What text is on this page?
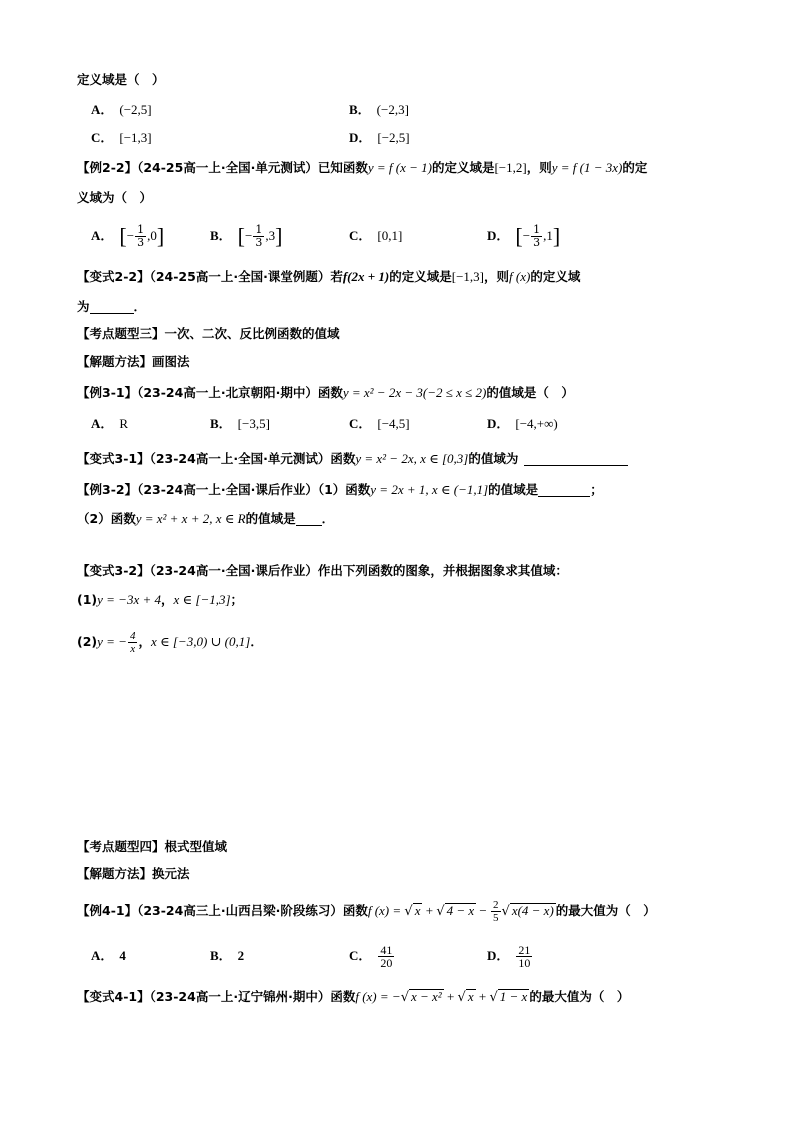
定义域是（　）
A． (−2,5]	B． (−2,3]
C． [−1,3]	D． [−2,5]
【例2-2】（24-25高一上·全国·单元测试）已知函数y = f (x − 1)的定义域是[−1,2]，则y = f (1 − 3x)的定
义域为（　）
A． [− $\frac{1}{3} ,0$]	B． [− $\frac{1}{3} ,3$]	C． [0,1]	D． [− $\frac{1}{3} ,1$]
【变式2-2】（24-25高一上·全国·课堂例题）若f(2x + 1)的定义域是[−1,3]，则f (x)的定义域
为	．
【考点题型三】一次、二次、反比例函数的值域
【解题方法】画图法
【例3-1】（23-24高一上·北京朝阳·期中）函数y = x² − 2x − 3(−2 ≤ x ≤ 2)的值域是（　）
A． R	B． [−3,5]	C． [−4,5]	D． [−4,+∞)
【变式3-1】（23-24高一上·全国·单元测试）函数y = x² − 2x, x ∈ [0,3]的值域为
【例3-2】（23-24高一上·全国·课后作业）（1）函数y = 2x + 1, x ∈ (−1,1]的值域是	；
（2）函数y = x² + x + 2, x ∈ R的值域是 ．
【变式3-2】（23-24高一·全国·课后作业）作出下列函数的图象，并根据图象求其值域：
(1)y = −3x + 4，x ∈ [−1,3]；
(2)y = − $\frac{4}{x}$ ，x ∈ [−3,0) ∪ (0,1]．
【考点题型四】根式型值域
【解题方法】换元法
【例4-1】（23-24高三上·山西吕梁·阶段练习）函数f (x) = √ x + √ $4 - x - \frac{2}{5}$ √ x(4 − x) 的最大值为（　）
A． 4	B． 2	C． $\frac{41}{20}$	D． $\frac{21}{10}$
【变式4-1】（23-24高一上·辽宁锦州·期中）函数f (x) = −√ x − x² + √ x + √ 1 − x 的最大值为（　）
